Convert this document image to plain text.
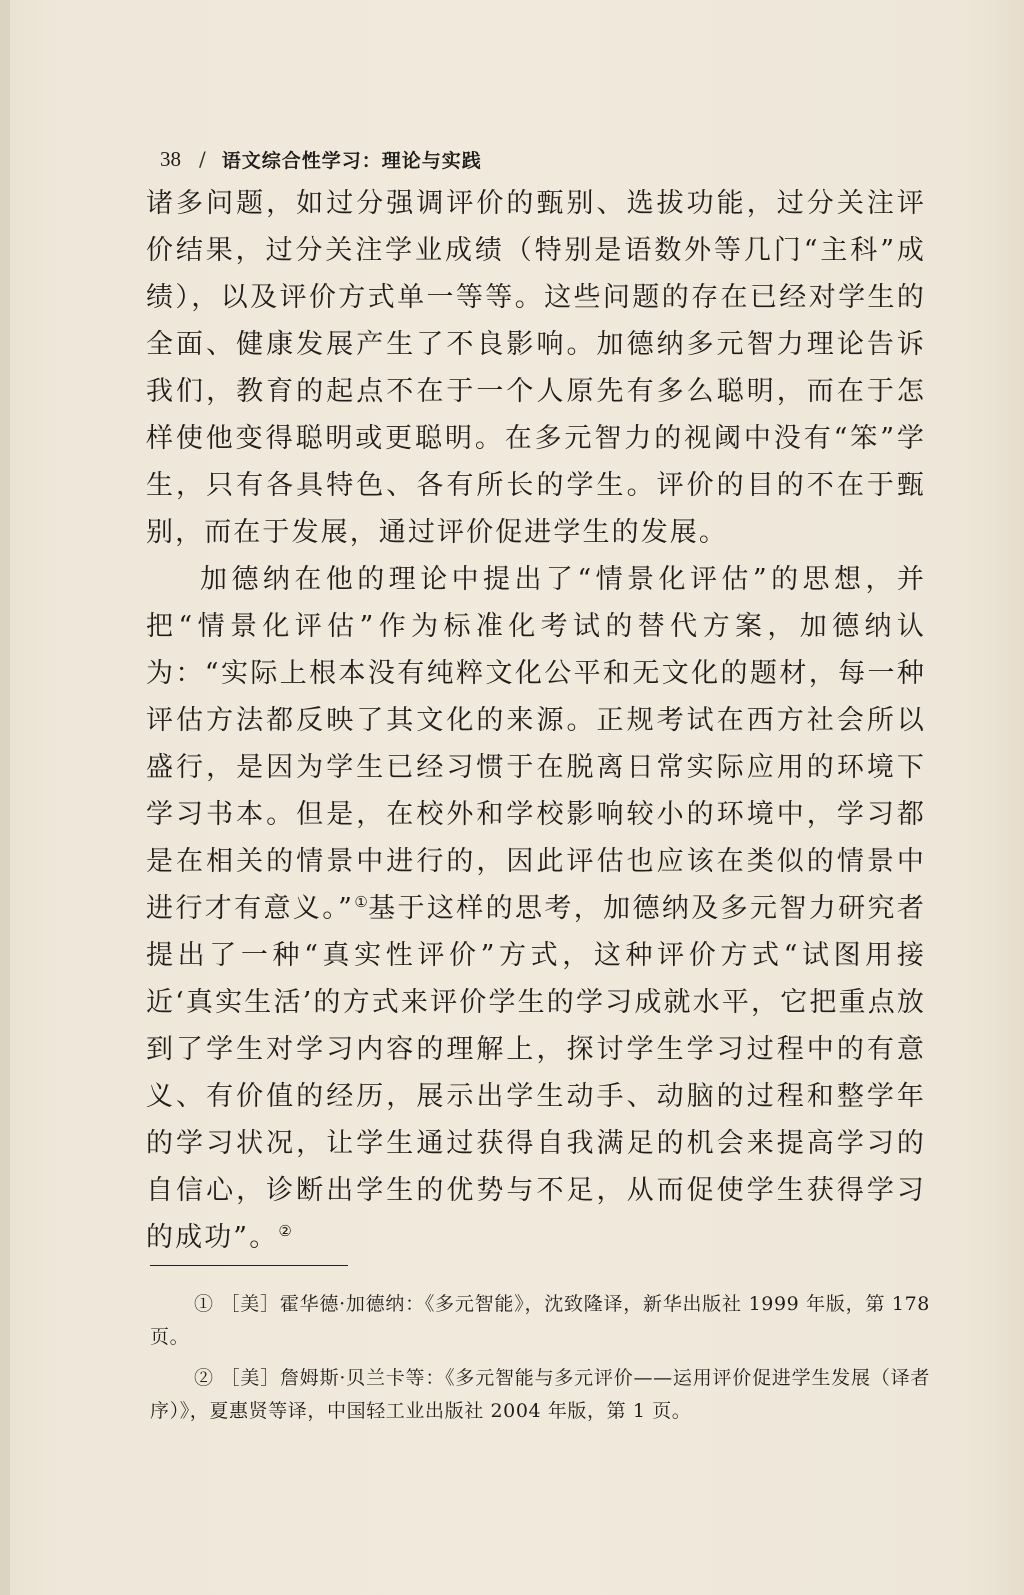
38 / 语文综合性学习：理论与实践

诸多问题，如过分强调评价的甄别、选拔功能，过分关注评价结果，过分关注学业成绩（特别是语数外等几门“主科”成绩），以及评价方式单一等等。这些问题的存在已经对学生的全面、健康发展产生了不良影响。加德纳多元智力理论告诉我们，教育的起点不在于一个人原先有多么聪明，而在于怎样使他变得聪明或更聪明。在多元智力的视阈中没有“笨”学生，只有各具特色、各有所长的学生。评价的目的不在于甄别，而在于发展，通过评价促进学生的发展。

加德纳在他的理论中提出了“情景化评估”的思想，并把“情景化评估”作为标准化考试的替代方案，加德纳认为：“实际上根本没有纯粹文化公平和无文化的题材，每一种评估方法都反映了其文化的来源。正规考试在西方社会所以盛行，是因为学生已经习惯于在脱离日常实际应用的环境下学习书本。但是，在校外和学校影响较小的环境中，学习都是在相关的情景中进行的，因此评估也应该在类似的情景中进行才有意义。”①基于这样的思考，加德纳及多元智力研究者提出了一种“真实性评价”方式，这种评价方式“试图用接近‘真实生活’的方式来评价学生的学习成就水平，它把重点放到了学生对学习内容的理解上，探讨学生学习过程中的有意义、有价值的经历，展示出学生动手、动脑的过程和整学年的学习状况，让学生通过获得自我满足的机会来提高学习的自信心，诊断出学生的优势与不足，从而促使学生获得学习的成功”。②

① ［美］霍华德·加德纳：《多元智能》，沈致隆译，新华出版社 1999 年版，第 178 页。

② ［美］詹姆斯·贝兰卡等：《多元智能与多元评价——运用评价促进学生发展（译者序）》，夏惠贤等译，中国轻工业出版社 2004 年版，第 1 页。
